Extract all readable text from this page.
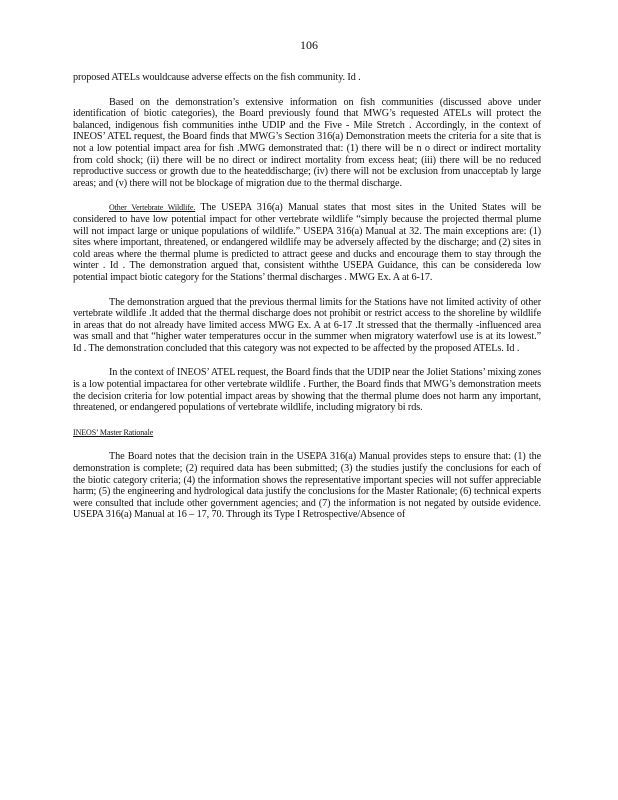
106

proposed ATELs wouldcause adverse effects on the fish community. Id .

Based on the demonstration’s extensive information on fish communities (discussed above under identification of biotic categories), the Board previously found that MWG’s requested ATELs will protect the balanced, indigenous fish communities inthe UDIP and the Five - Mile Stretch . Accordingly, in the context of INEOS’ ATEL request, the Board finds that MWG’s Section 316(a) Demonstration meets the criteria for a site that is not a low potential impact area for fish .MWG demonstrated that: (1) there will be n o direct or indirect mortality from cold shock; (ii) there will be no direct or indirect mortality from excess heat; (iii) there will be no reduced reproductive success or growth due to the heateddischarge; (iv) there will not be exclusion from unacceptab ly large areas; and (v) there will not be blockage of migration due to the thermal discharge.

Other Vertebrate Wildlife. The USEPA 316(a) Manual states that most sites in the United States will be considered to have low potential impact for other vertebrate wildlife “simply because the projected thermal plume will not impact large or unique populations of wildlife.” USEPA 316(a) Manual at 32. The main exceptions are: (1) sites where important, threatened, or endangered wildlife may be adversely affected by the discharge; and (2) sites in cold areas where the thermal plume is predicted to attract geese and ducks and encourage them to stay through the winter . Id . The demonstration argued that, consistent withthe USEPA Guidance, this can be considereda low potential impact biotic category for the Stations’ thermal discharges . MWG Ex. A at 6-17.

The demonstration argued that the previous thermal limits for the Stations have not limited activity of other vertebrate wildlife .It added that the thermal discharge does not prohibit or restrict access to the shoreline by wildlife in areas that do not already have limited access MWG Ex. A at 6-17 .It stressed that the thermally -influenced area was small and that “higher water temperatures occur in the summer when migratory waterfowl use is at its lowest.” Id . The demonstration concluded that this category was not expected to be affected by the proposed ATELs. Id .

In the context of INEOS’ ATEL request, the Board finds that the UDIP near the Joliet Stations’ mixing zones is a low potential impactarea for other vertebrate wildlife . Further, the Board finds that MWG’s demonstration meets the decision criteria for low potential impact areas by showing that the thermal plume does not harm any important, threatened, or endangered populations of vertebrate wildlife, including migratory bi rds.

INEOS’ Master Rationale

The Board notes that the decision train in the USEPA 316(a) Manual provides steps to ensure that: (1) the demonstration is complete; (2) required data has been submitted; (3) the studies justify the conclusions for each of the biotic category criteria; (4) the information shows the representative important species will not suffer appreciable harm; (5) the engineering and hydrological data justify the conclusions for the Master Rationale; (6) technical experts were consulted that include other government agencies; and (7) the information is not negated by outside evidence. USEPA 316(a) Manual at 16 – 17, 70. Through its Type I Retrospective/Absence of
